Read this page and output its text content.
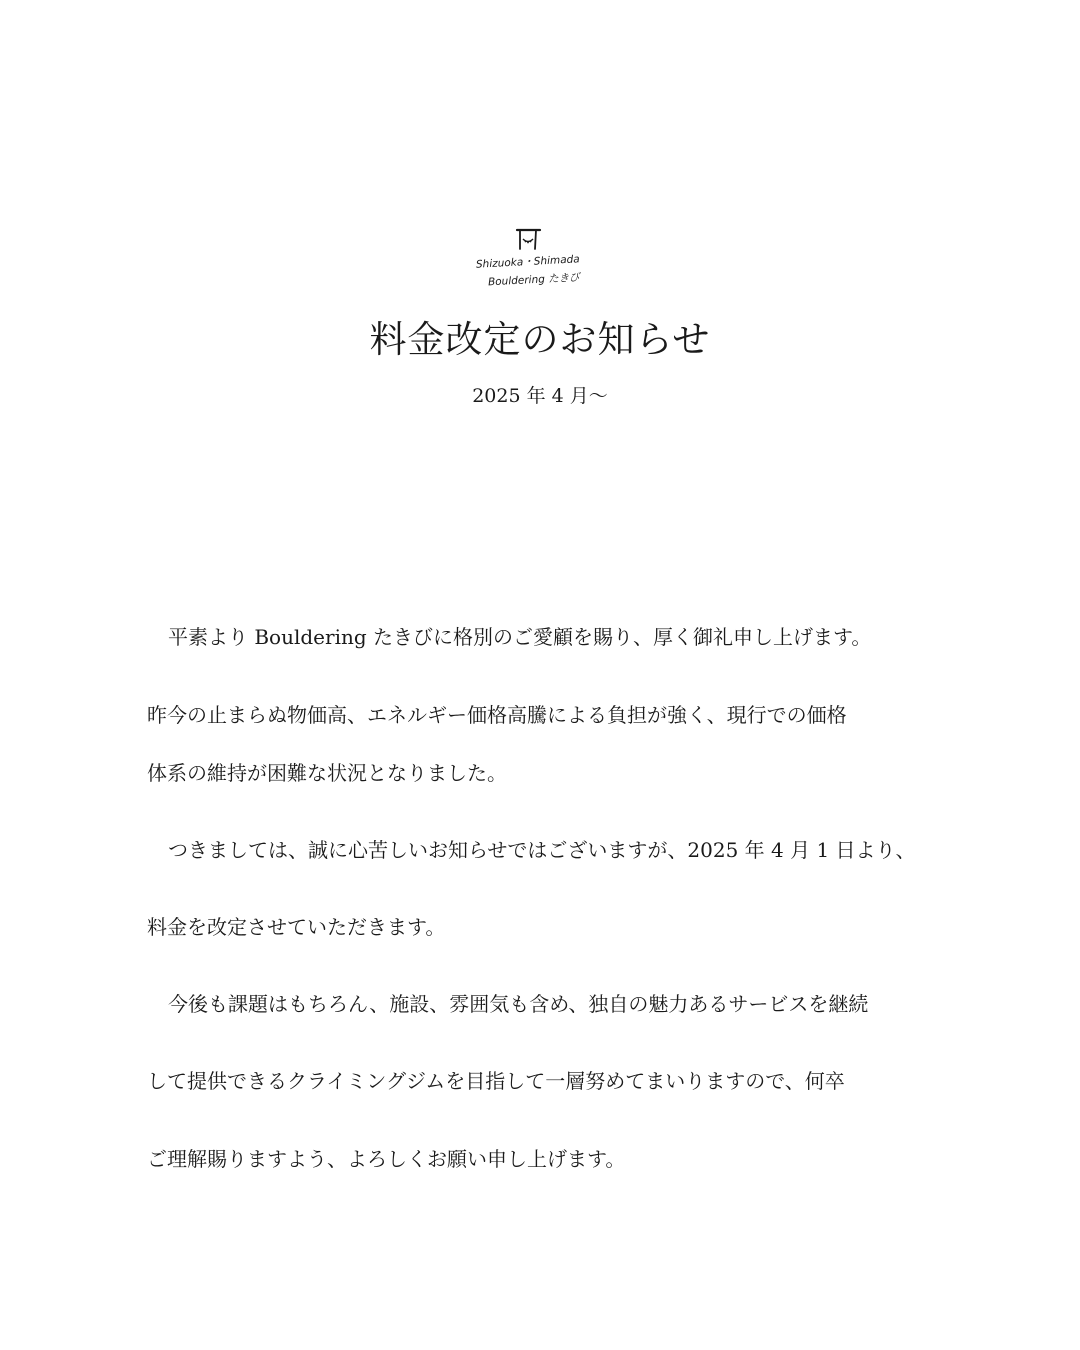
Shizuoka・Shimada
Bouldering たきび
料金改定のお知らせ
2025 年 4 月～
平素より Bouldering たきびに格別のご愛顧を賜り、厚く御礼申し上げます。
昨今の止まらぬ物価高、エネルギー価格高騰による負担が強く、現行での価格
体系の維持が困難な状況となりました。
つきましては、誠に心苦しいお知らせではございますが、2025 年 4 月 1 日より、
料金を改定させていただきます。
今後も課題はもちろん、施設、雰囲気も含め、独自の魅力あるサービスを継続
して提供できるクライミングジムを目指して一層努めてまいりますので、何卒
ご理解賜りますよう、よろしくお願い申し上げます。
